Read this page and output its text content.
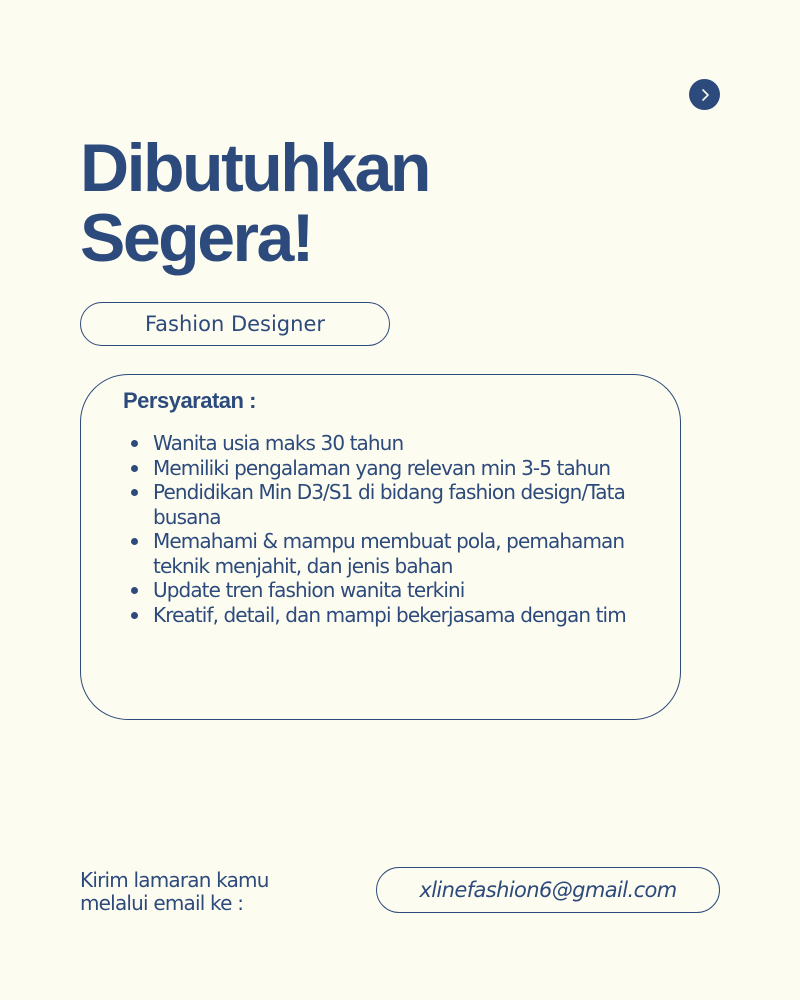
Dibutuhkan
Segera!
Fashion Designer
Persyaratan :
Wanita usia maks 30 tahun
Memiliki pengalaman yang relevan min 3-5 tahun
Pendidikan Min D3/S1 di bidang fashion design/Tata busana
Memahami & mampu membuat pola, pemahaman teknik menjahit, dan jenis bahan
Update tren fashion wanita terkini
Kreatif, detail, dan mampi bekerjasama dengan tim
Kirim lamaran kamu
melalui email ke :
xlinefashion6@gmail.com
